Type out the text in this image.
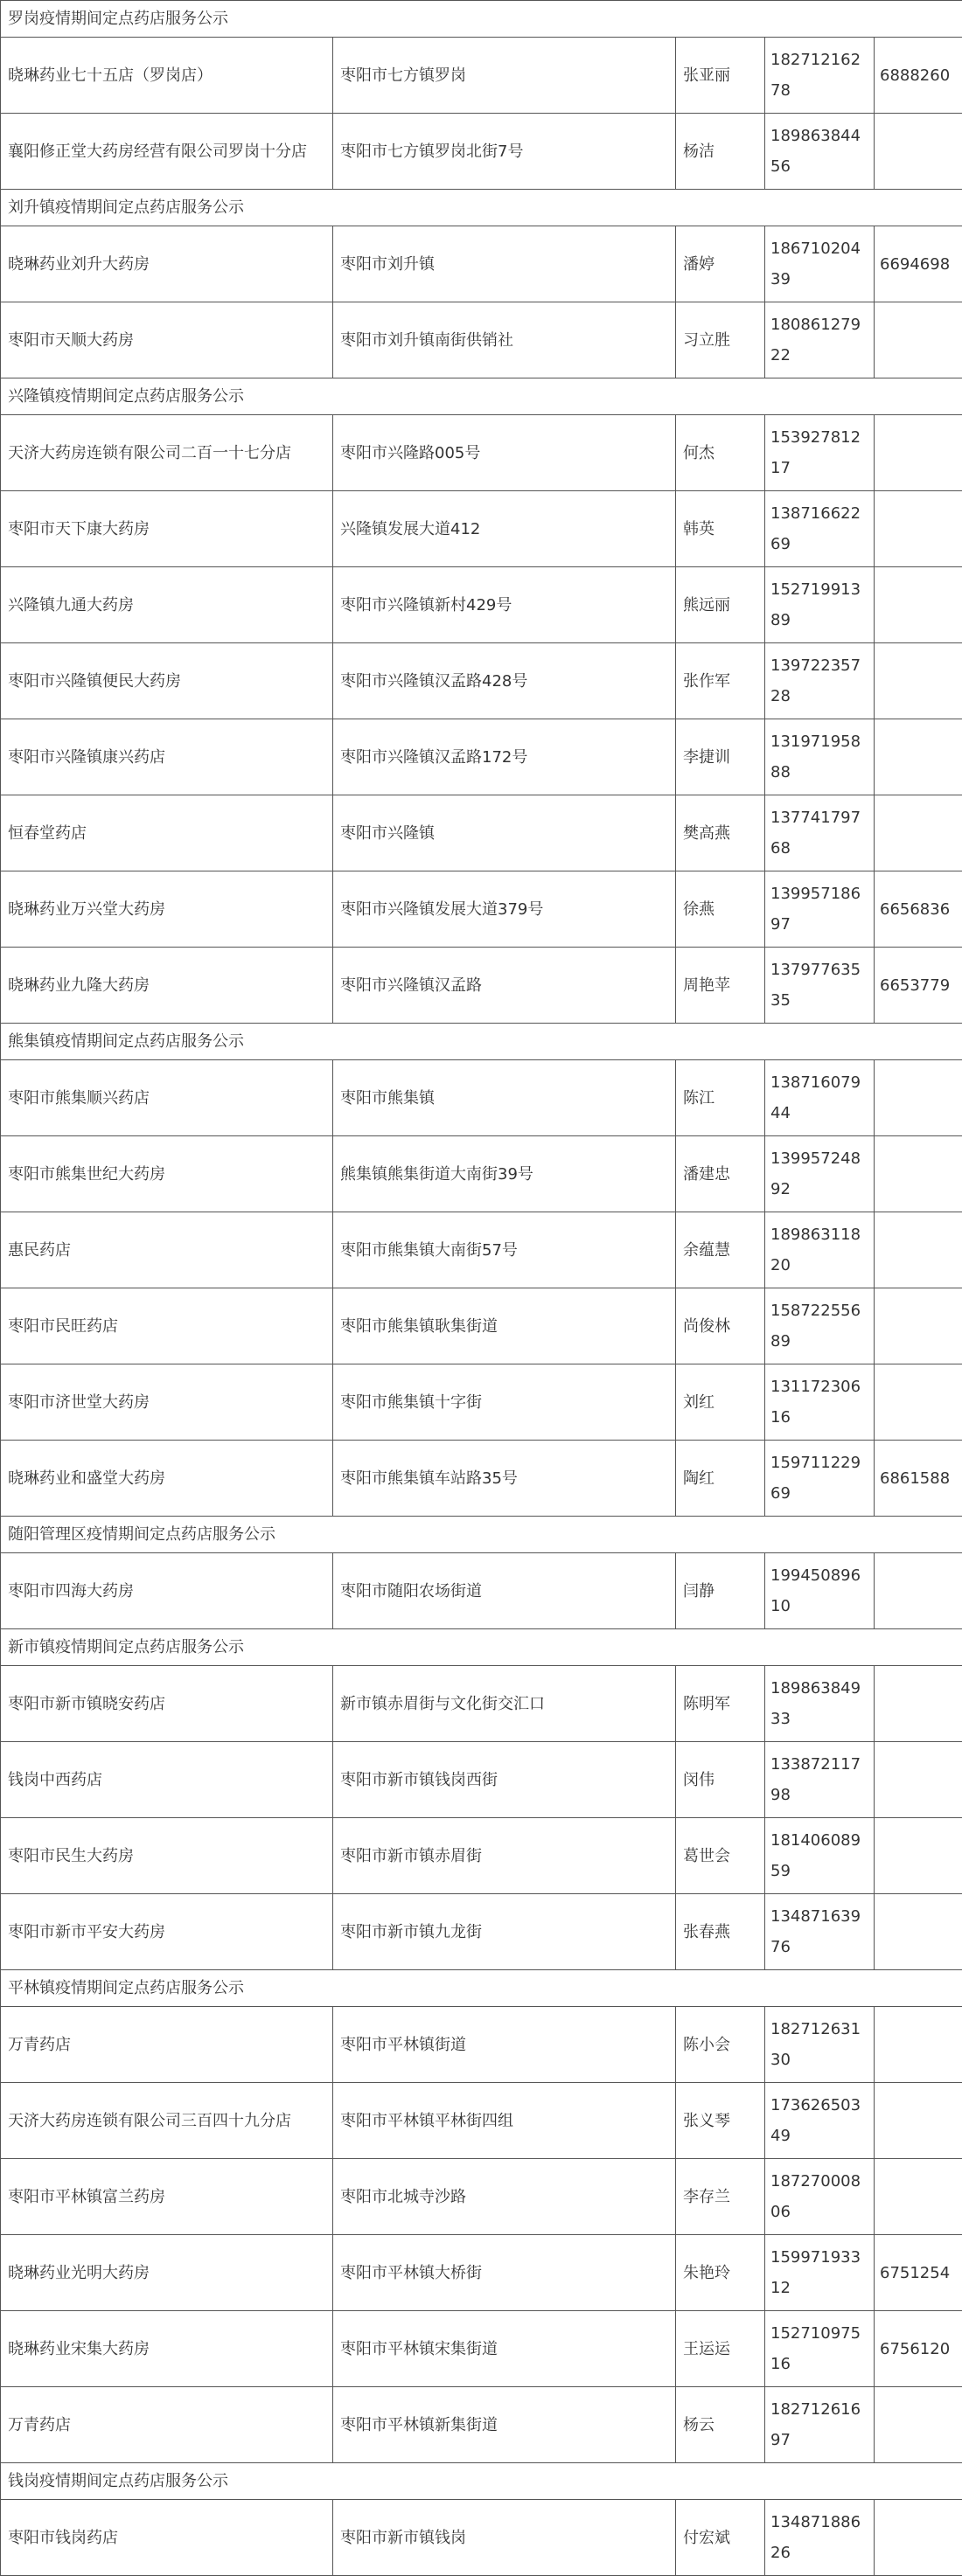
罗岗疫情期间定点药店服务公示				
晓琳药业七十五店（罗岗店）	枣阳市七方镇罗岗	张亚丽	18271216278	6888260
襄阳修正堂大药房经营有限公司罗岗十分店	枣阳市七方镇罗岗北街7号	杨洁	18986384456	
刘升镇疫情期间定点药店服务公示				
晓琳药业刘升大药房	枣阳市刘升镇	潘婷	18671020439	6694698
枣阳市天顺大药房	枣阳市刘升镇南街供销社	习立胜	18086127922	
兴隆镇疫情期间定点药店服务公示				
天济大药房连锁有限公司二百一十七分店	枣阳市兴隆路005号	何杰	15392781217	
枣阳市天下康大药房	兴隆镇发展大道412	韩英	13871662269	
兴隆镇九通大药房	枣阳市兴隆镇新村429号	熊远丽	15271991389	
枣阳市兴隆镇便民大药房	枣阳市兴隆镇汉孟路428号	张作军	13972235728	
枣阳市兴隆镇康兴药店	枣阳市兴隆镇汉孟路172号	李捷训	13197195888	
恒春堂药店	枣阳市兴隆镇	樊高燕	13774179768	
晓琳药业万兴堂大药房	枣阳市兴隆镇发展大道379号	徐燕	13995718697	6656836
晓琳药业九隆大药房	枣阳市兴隆镇汉孟路	周艳苹	13797763535	6653779
熊集镇疫情期间定点药店服务公示				
枣阳市熊集顺兴药店	枣阳市熊集镇	陈江	13871607944	
枣阳市熊集世纪大药房	熊集镇熊集街道大南街39号	潘建忠	13995724892	
惠民药店	枣阳市熊集镇大南街57号	余蕴慧	18986311820	
枣阳市民旺药店	枣阳市熊集镇耿集街道	尚俊林	15872255689	
枣阳市济世堂大药房	枣阳市熊集镇十字街	刘红	13117230616	
晓琳药业和盛堂大药房	枣阳市熊集镇车站路35号	陶红	15971122969	6861588
随阳管理区疫情期间定点药店服务公示				
枣阳市四海大药房	枣阳市随阳农场街道	闫静	19945089610	
新市镇疫情期间定点药店服务公示				
枣阳市新市镇晓安药店	新市镇赤眉街与文化街交汇口	陈明军	18986384933	
钱岗中西药店	枣阳市新市镇钱岗西街	闵伟	13387211798	
枣阳市民生大药房	枣阳市新市镇赤眉街	葛世会	18140608959	
枣阳市新市平安大药房	枣阳市新市镇九龙街	张春燕	13487163976	
平林镇疫情期间定点药店服务公示				
万青药店	枣阳市平林镇街道	陈小会	18271263130	
天济大药房连锁有限公司三百四十九分店	枣阳市平林镇平林街四组	张义琴	17362650349	
枣阳市平林镇富兰药房	枣阳市北城寺沙路	李存兰	18727000806	
晓琳药业光明大药房	枣阳市平林镇大桥街	朱艳玲	15997193312	6751254
晓琳药业宋集大药房	枣阳市平林镇宋集街道	王运运	15271097516	6756120
万青药店	枣阳市平林镇新集街道	杨云	18271261697	
钱岗疫情期间定点药店服务公示				
枣阳市钱岗药店	枣阳市新市镇钱岗	付宏斌	13487188626	
